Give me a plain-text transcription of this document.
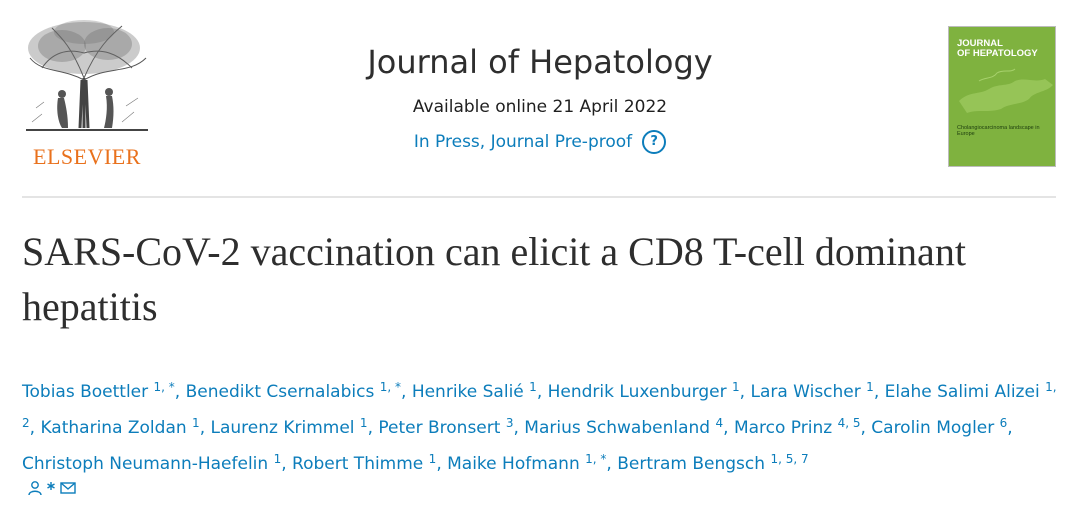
ELSEVIER
Journal of Hepatology
Available online 21 April 2022
In Press, Journal Pre-proof	?
JOURNAL
OF HEPATOLOGY
Cholangiocarcinoma landscape in Europe
SARS-CoV-2 vaccination can elicit a CD8 T-cell dominant hepatitis

Tobias Boettler $^{1, *}$, Benedikt Csernalabics $^{1, *}$, Henrike Salié $^1$, Hendrik Luxenburger $^1$, Lara Wischer $^1$, Elahe Salimi Alizei $^{1, 2}$, Katharina Zoldan $^1$, Laurenz Krimmel $^1$, Peter Bronsert $^3$, Marius Schwabenland $^4$, Marco Prinz $^{4, 5}$, Carolin Mogler $^6$, Christoph Neumann-Haefelin $^1$, Robert Thimme $^1$, Maike Hofmann $^{1, *}$, Bertram Bengsch $^{1, 5, 7}$
